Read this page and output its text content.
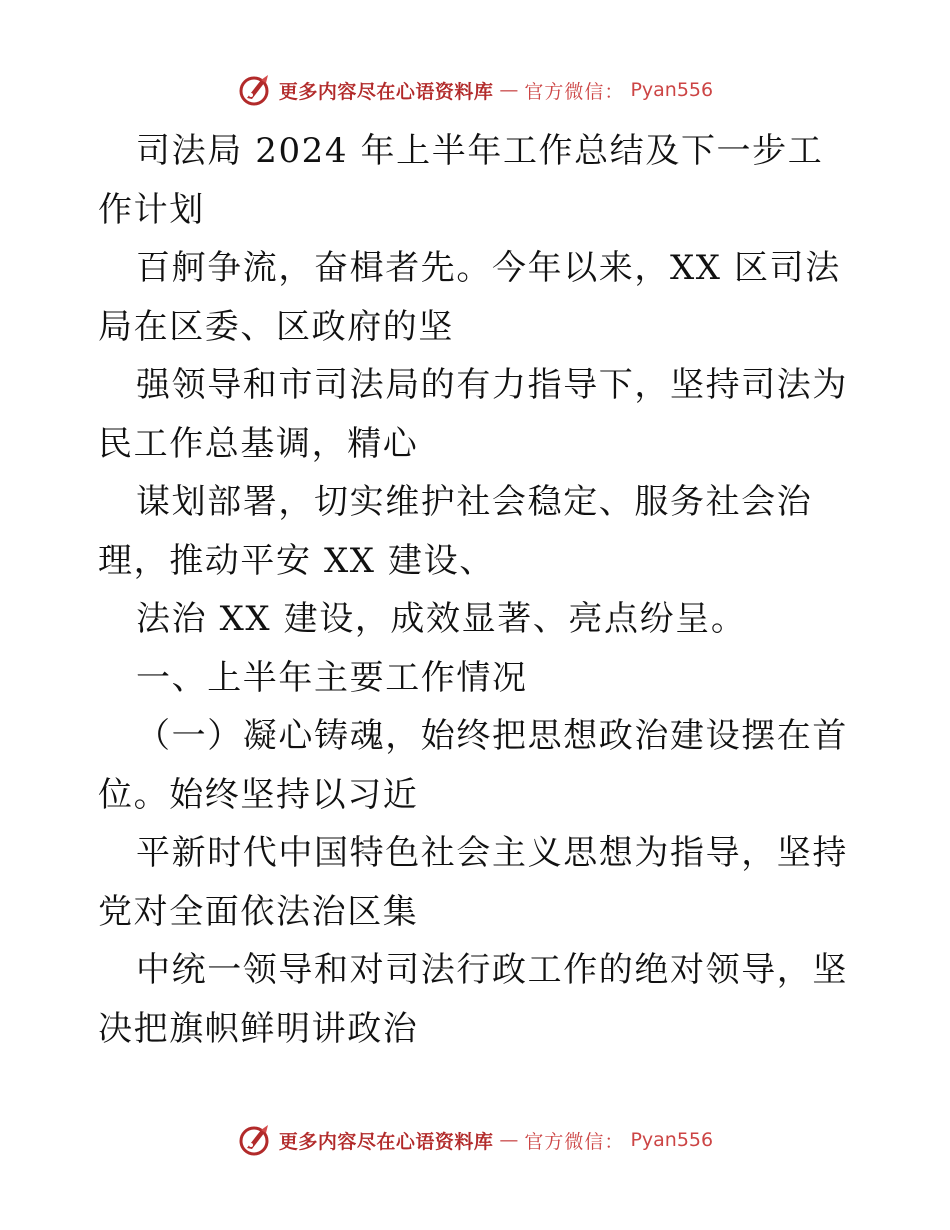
更多内容尽在心语资料库 — 官方微信： Pyan556

司法局 2024 年上半年工作总结及下一步工作计划

百舸争流，奋楫者先。今年以来，XX 区司法局在区委、区政府的坚

强领导和市司法局的有力指导下，坚持司法为民工作总基调，精心

谋划部署，切实维护社会稳定、服务社会治理，推动平安 XX 建设、

法治 XX 建设，成效显著、亮点纷呈。

一、上半年主要工作情况

（一）凝心铸魂，始终把思想政治建设摆在首位。始终坚持以习近

平新时代中国特色社会主义思想为指导，坚持党对全面依法治区集

中统一领导和对司法行政工作的绝对领导，坚决把旗帜鲜明讲政治

更多内容尽在心语资料库 — 官方微信： Pyan556
